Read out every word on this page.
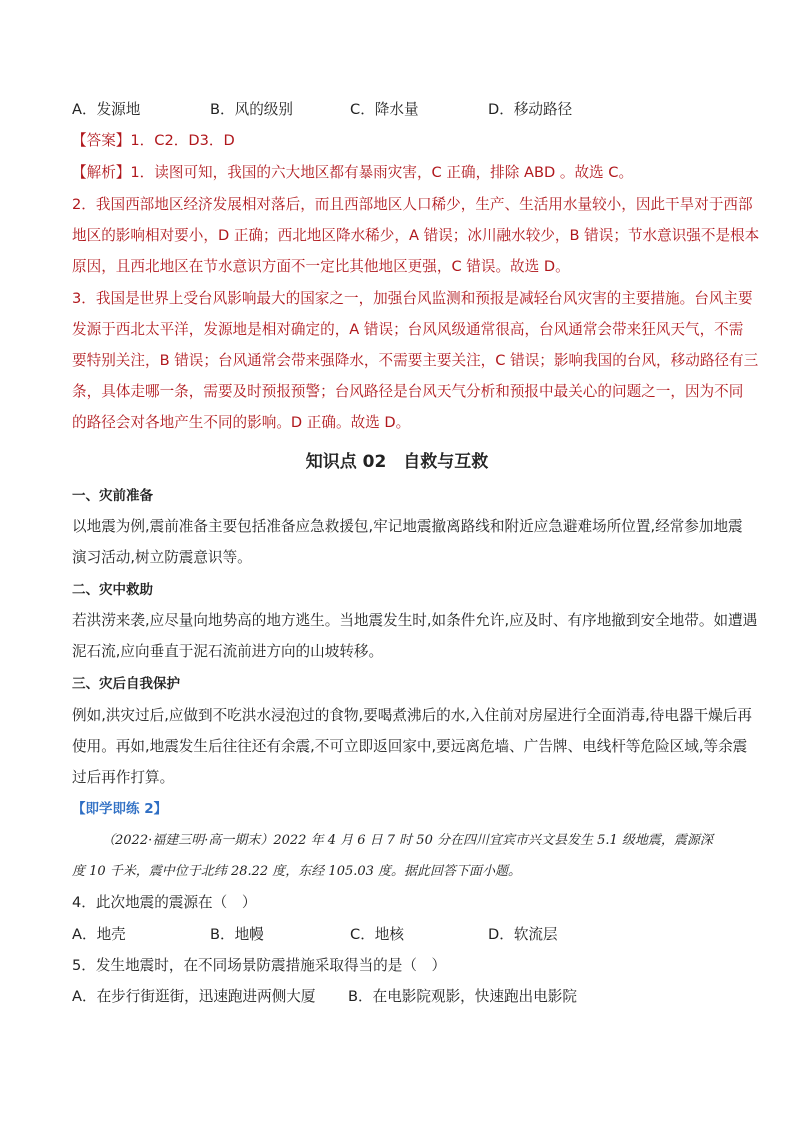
A．发源地	B．风的级别	C．降水量	D．移动路径
【答案】1．C2．D3．D
【解析】1．读图可知，我国的六大地区都有暴雨灾害，C 正确，排除 ABD 。故选 C。
2．我国西部地区经济发展相对落后，而且西部地区人口稀少，生产、生活用水量较小，因此干旱对于西部
地区的影响相对要小，D 正确；西北地区降水稀少，A 错误；冰川融水较少，B 错误；节水意识强不是根本
原因，且西北地区在节水意识方面不一定比其他地区更强，C 错误。故选 D。
3．我国是世界上受台风影响最大的国家之一，加强台风监测和预报是减轻台风灾害的主要措施。台风主要
发源于西北太平洋，发源地是相对确定的，A 错误；台风风级通常很高，台风通常会带来狂风天气，不需
要特别关注，B 错误；台风通常会带来强降水，不需要主要关注，C 错误；影响我国的台风，移动路径有三
条，具体走哪一条，需要及时预报预警；台风路径是台风天气分析和预报中最关心的问题之一，因为不同
的路径会对各地产生不同的影响。D 正确。故选 D。
知识点 02　自救与互救
一、灾前准备
以地震为例,震前准备主要包括准备应急救援包,牢记地震撤离路线和附近应急避难场所位置,经常参加地震
演习活动,树立防震意识等。
二、灾中救助
若洪涝来袭,应尽量向地势高的地方逃生。当地震发生时,如条件允许,应及时、有序地撤到安全地带。如遭遇
泥石流,应向垂直于泥石流前进方向的山坡转移。
三、灾后自我保护
例如,洪灾过后,应做到不吃洪水浸泡过的食物,要喝煮沸后的水,入住前对房屋进行全面消毒,待电器干燥后再
使用。再如,地震发生后往往还有余震,不可立即返回家中,要远离危墙、广告牌、电线杆等危险区域,等余震
过后再作打算。
【即学即练 2】
（2022·福建三明·高一期末）2022 年 4 月 6 日 7 时 50 分在四川宜宾市兴文县发生 5.1 级地震，震源深
度 10 千米，震中位于北纬 28.22 度，东经 105.03 度。据此回答下面小题。
4．此次地震的震源在（　）
A．地壳	B．地幔	C．地核	D．软流层
5．发生地震时，在不同场景防震措施采取得当的是（　）
A．在步行街逛街，迅速跑进两侧大厦	B．在电影院观影，快速跑出电影院
